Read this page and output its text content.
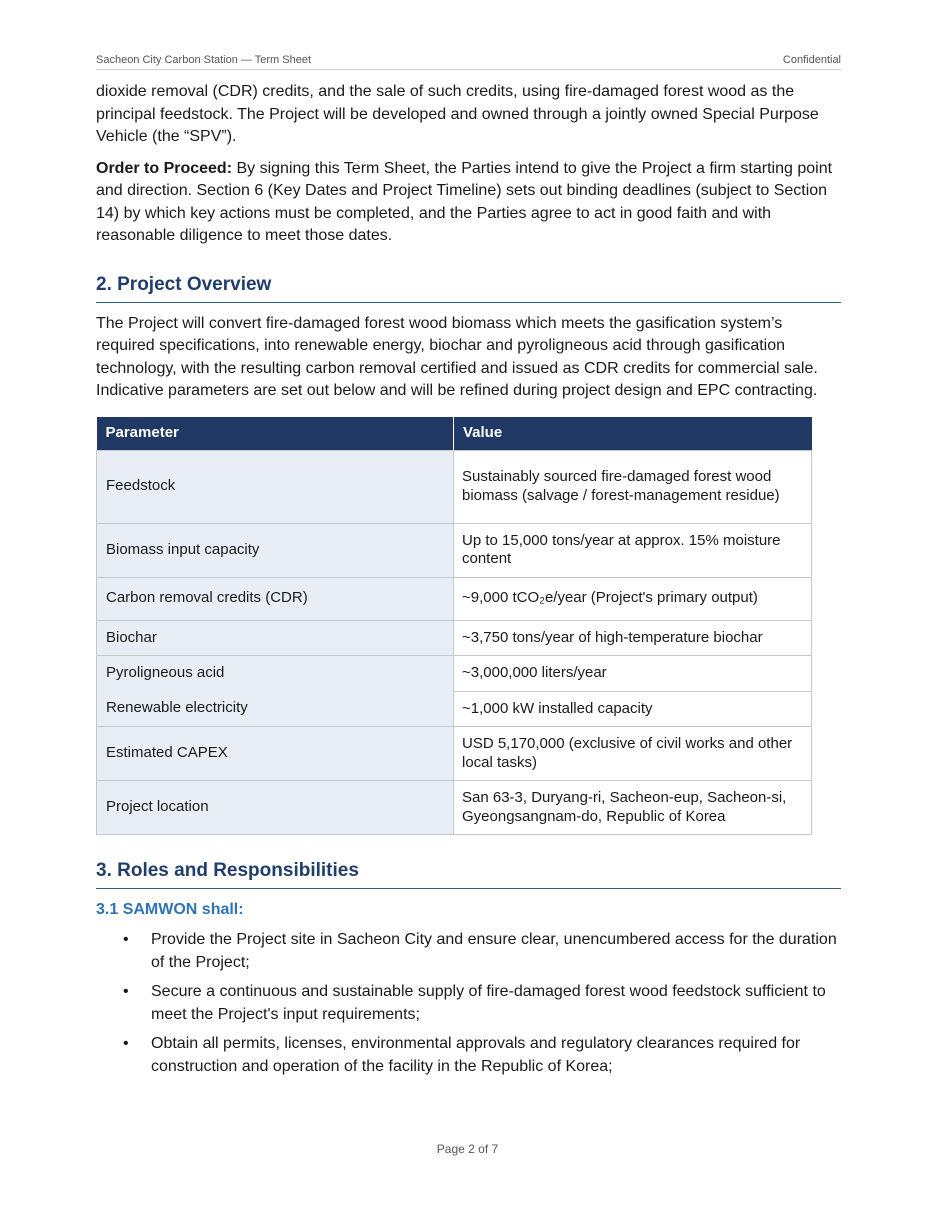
Sacheon City Carbon Station — Term Sheet	Confidential

dioxide removal (CDR) credits, and the sale of such credits, using fire-damaged forest wood as the principal feedstock. The Project will be developed and owned through a jointly owned Special Purpose Vehicle (the “SPV”).

Order to Proceed: By signing this Term Sheet, the Parties intend to give the Project a firm starting point and direction. Section 6 (Key Dates and Project Timeline) sets out binding deadlines (subject to Section 14) by which key actions must be completed, and the Parties agree to act in good faith and with reasonable diligence to meet those dates.

2. Project Overview

The Project will convert fire-damaged forest wood biomass which meets the gasification system’s required specifications, into renewable energy, biochar and pyroligneous acid through gasification technology, with the resulting carbon removal certified and issued as CDR credits for commercial sale. Indicative parameters are set out below and will be refined during project design and EPC contracting.

Parameter	Value
Feedstock	Sustainably sourced fire-damaged forest wood biomass (salvage / forest-management residue)
Biomass input capacity	Up to 15,000 tons/year at approx. 15% moisture content
Carbon removal credits (CDR)	~9,000 tCO₂e/year (Project's primary output)
Biochar	~3,750 tons/year of high-temperature biochar
Pyroligneous acid	~3,000,000 liters/year
Renewable electricity	~1,000 kW installed capacity
Estimated CAPEX	USD 5,170,000 (exclusive of civil works and other local tasks)
Project location	San 63-3, Duryang-ri, Sacheon-eup, Sacheon-si, Gyeongsangnam-do, Republic of Korea
3. Roles and Responsibilities
3.1 SAMWON shall:
• Provide the Project site in Sacheon City and ensure clear, unencumbered access for the duration of the Project;
• Secure a continuous and sustainable supply of fire-damaged forest wood feedstock sufficient to meet the Project's input requirements;
• Obtain all permits, licenses, environmental approvals and regulatory clearances required for construction and operation of the facility in the Republic of Korea;
Page 2 of 7
